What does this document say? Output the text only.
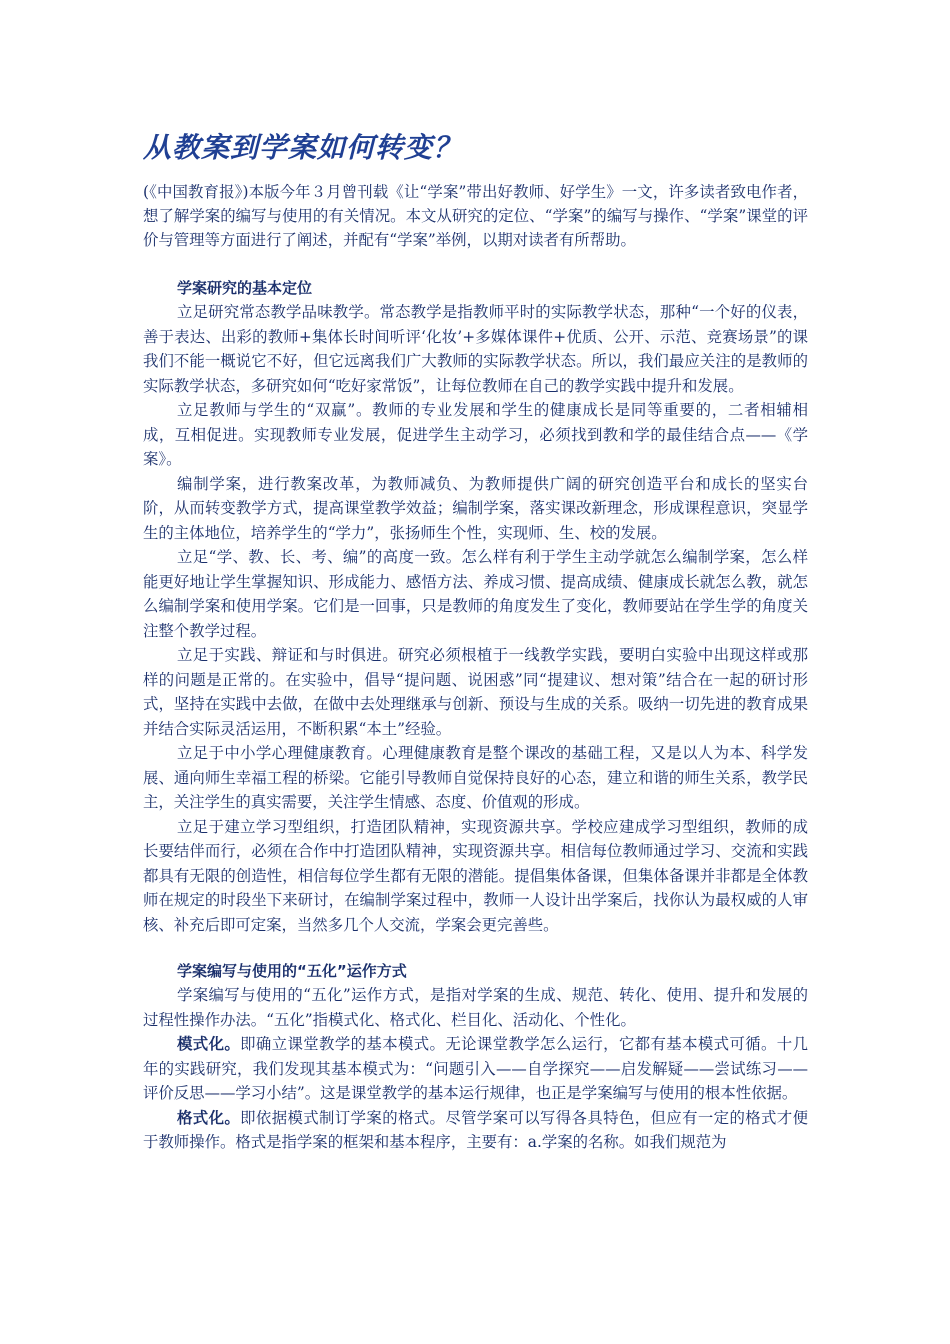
从教案到学案如何转变？

(《中国教育报》)本版今年３月曾刊载《让“学案”带出好教师、好学生》一文，许多读者致电作者，想了解学案的编写与使用的有关情况。本文从研究的定位、“学案”的编写与操作、“学案”课堂的评价与管理等方面进行了阐述，并配有“学案”举例，以期对读者有所帮助。

学案研究的基本定位

立足研究常态教学品味教学。常态教学是指教师平时的实际教学状态，那种“一个好的仪表，善于表达、出彩的教师+集体长时间听评‘化妆’+多媒体课件+优质、公开、示范、竞赛场景”的课我们不能一概说它不好，但它远离我们广大教师的实际教学状态。所以，我们最应关注的是教师的实际教学状态，多研究如何“吃好家常饭”，让每位教师在自己的教学实践中提升和发展。

立足教师与学生的“双赢”。教师的专业发展和学生的健康成长是同等重要的，二者相辅相成，互相促进。实现教师专业发展，促进学生主动学习，必须找到教和学的最佳结合点——《学案》。

编制学案，进行教案改革，为教师减负、为教师提供广阔的研究创造平台和成长的坚实台阶，从而转变教学方式，提高课堂教学效益；编制学案，落实课改新理念，形成课程意识，突显学生的主体地位，培养学生的“学力”，张扬师生个性，实现师、生、校的发展。

立足“学、教、长、考、编”的高度一致。怎么样有利于学生主动学就怎么编制学案，怎么样能更好地让学生掌握知识、形成能力、感悟方法、养成习惯、提高成绩、健康成长就怎么教，就怎么编制学案和使用学案。它们是一回事，只是教师的角度发生了变化，教师要站在学生学的角度关注整个教学过程。

立足于实践、辩证和与时俱进。研究必须根植于一线教学实践，要明白实验中出现这样或那样的问题是正常的。在实验中，倡导“提问题、说困惑”同“提建议、想对策”结合在一起的研讨形式，坚持在实践中去做，在做中去处理继承与创新、预设与生成的关系。吸纳一切先进的教育成果并结合实际灵活运用，不断积累“本土”经验。

立足于中小学心理健康教育。心理健康教育是整个课改的基础工程，又是以人为本、科学发展、通向师生幸福工程的桥梁。它能引导教师自觉保持良好的心态，建立和谐的师生关系，教学民主，关注学生的真实需要，关注学生情感、态度、价值观的形成。

立足于建立学习型组织，打造团队精神，实现资源共享。学校应建成学习型组织，教师的成长要结伴而行，必须在合作中打造团队精神，实现资源共享。相信每位教师通过学习、交流和实践都具有无限的创造性，相信每位学生都有无限的潜能。提倡集体备课，但集体备课并非都是全体教师在规定的时段坐下来研讨，在编制学案过程中，教师一人设计出学案后，找你认为最权威的人审核、补充后即可定案，当然多几个人交流，学案会更完善些。

学案编写与使用的“五化”运作方式

学案编写与使用的“五化”运作方式，是指对学案的生成、规范、转化、使用、提升和发展的过程性操作办法。“五化”指模式化、格式化、栏目化、活动化、个性化。

模式化。即确立课堂教学的基本模式。无论课堂教学怎么运行，它都有基本模式可循。十几年的实践研究，我们发现其基本模式为：“问题引入——自学探究——启发解疑——尝试练习——评价反思——学习小结”。这是课堂教学的基本运行规律，也正是学案编写与使用的根本性依据。

格式化。即依据模式制订学案的格式。尽管学案可以写得各具特色，但应有一定的格式才便于教师操作。格式是指学案的框架和基本程序，主要有：a.学案的名称。如我们规范为
